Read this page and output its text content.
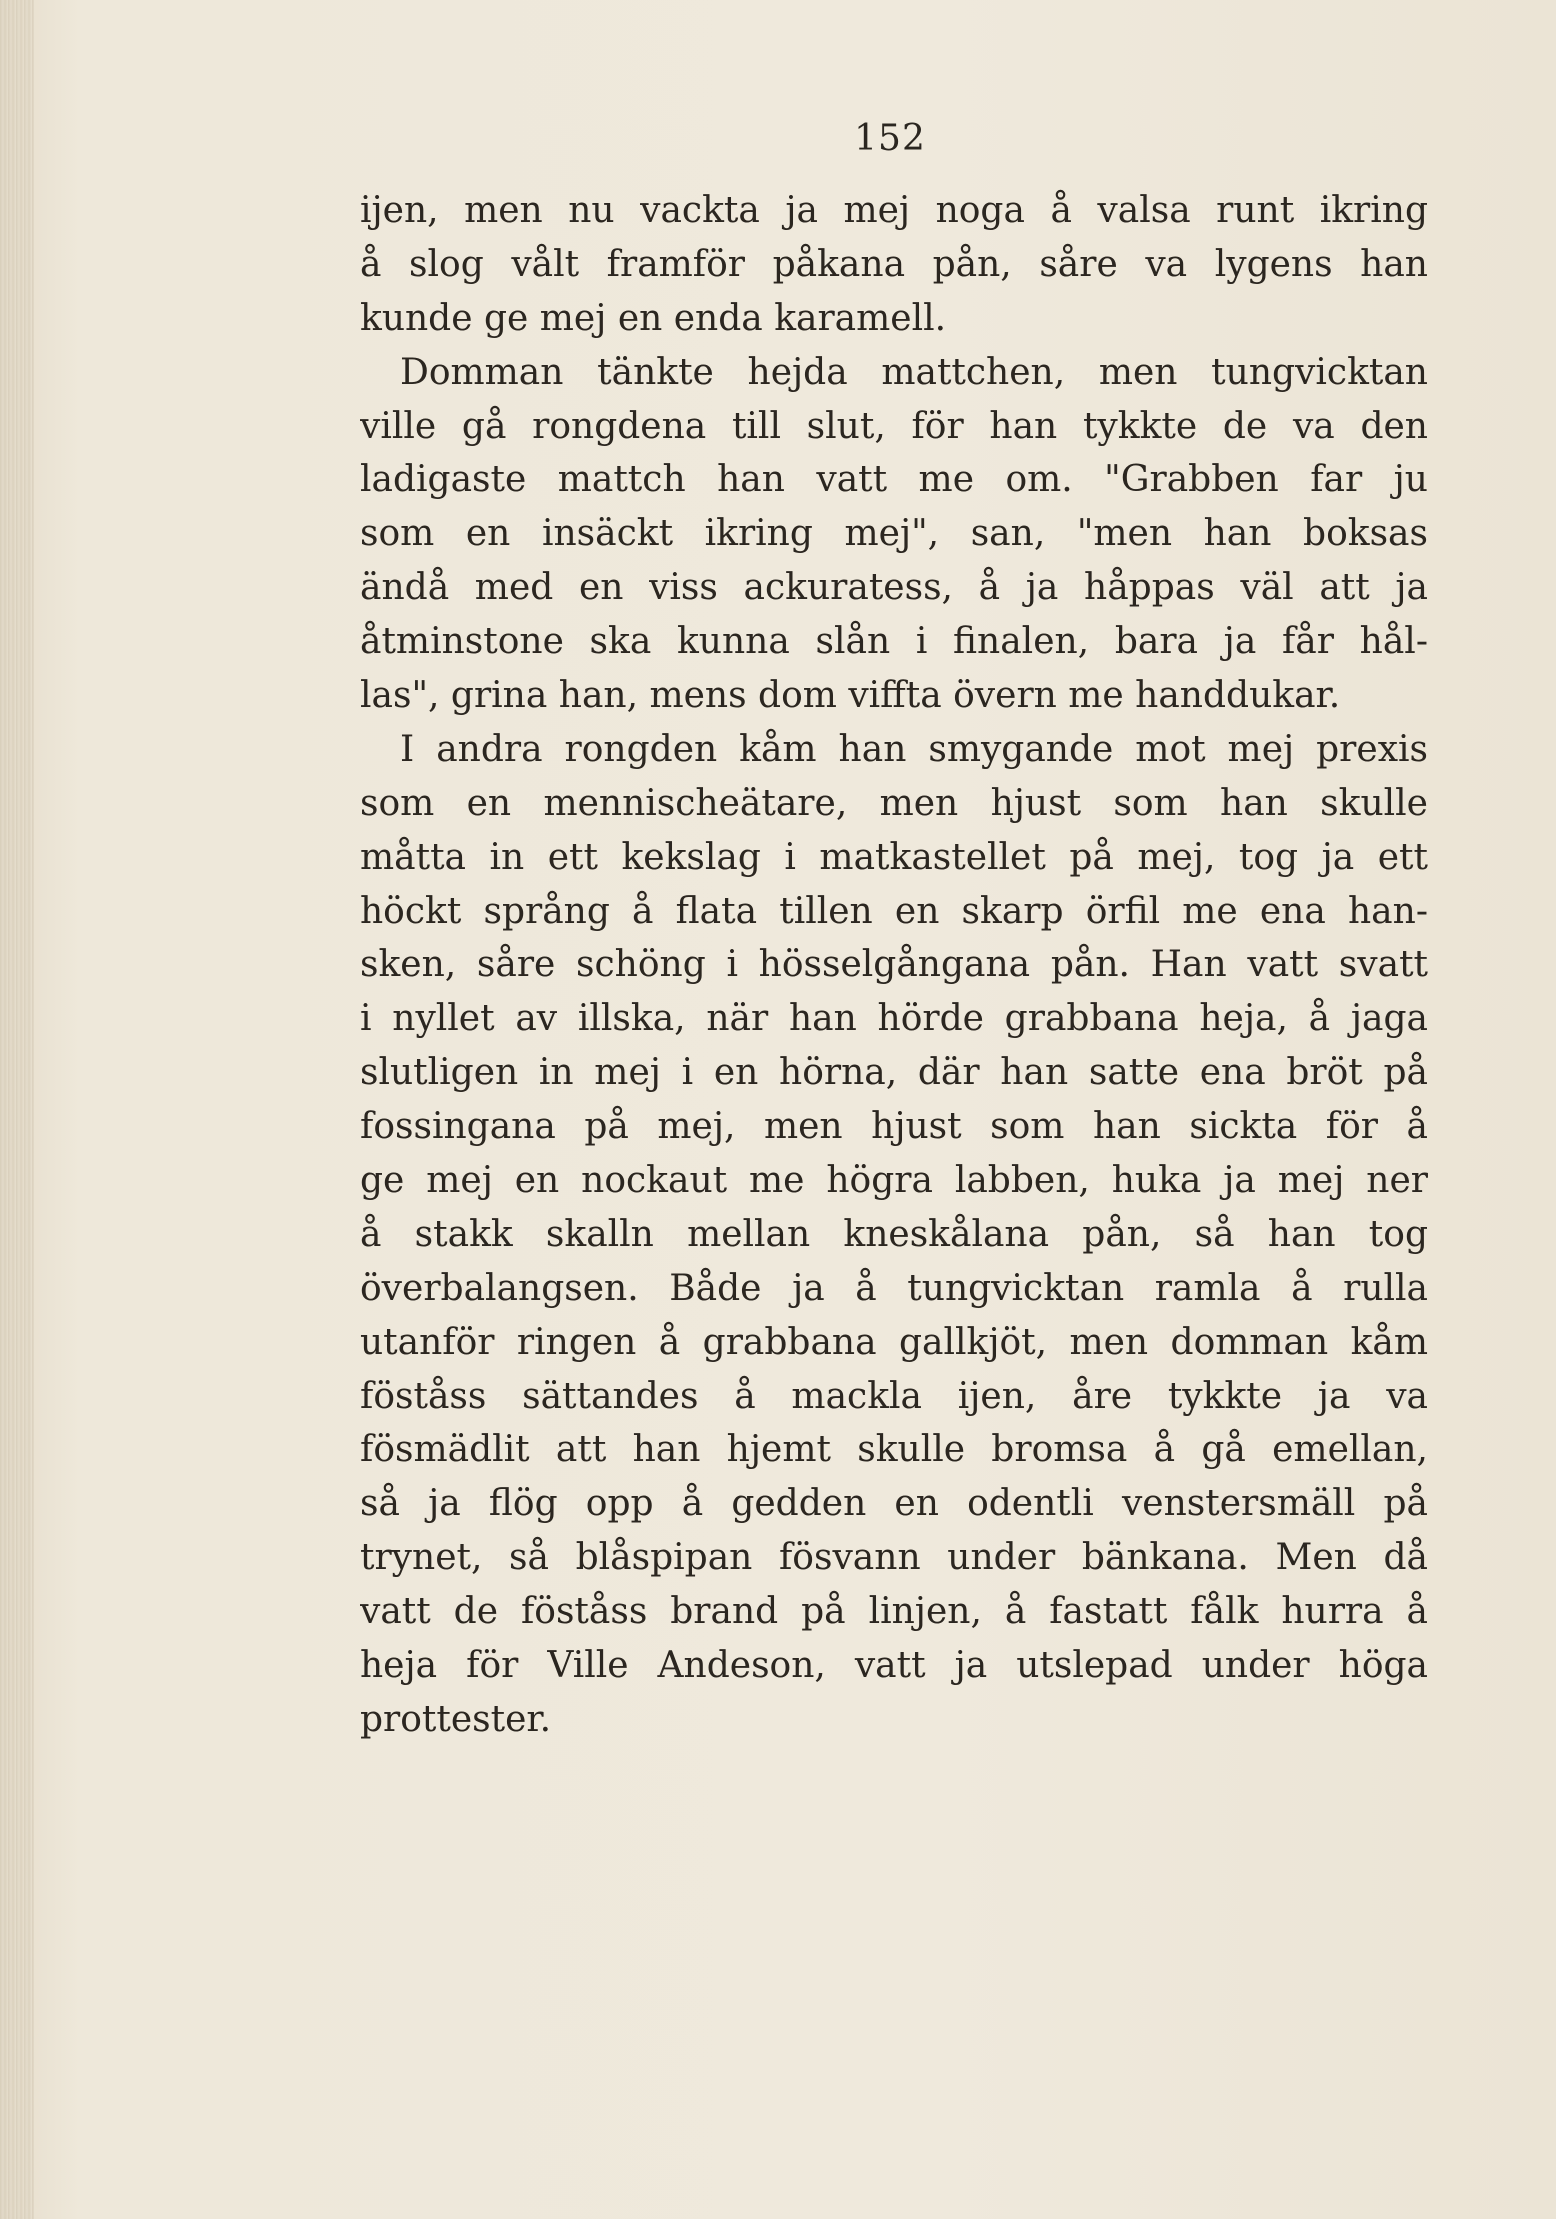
152
ijen, men nu vackta ja mej noga å valsa runt ikring
å slog vålt framför påkana pån, såre va lygens han
kunde ge mej en enda karamell.
Domman tänkte hejda mattchen, men tungvicktan
ville gå rongdena till slut, för han tykkte de va den
ladigaste mattch han vatt me om. "Grabben far ju
som en insäckt ikring mej", san, "men han boksas
ändå med en viss ackuratess, å ja håppas väl att ja
åtminstone ska kunna slån i finalen, bara ja får hål-
las", grina han, mens dom viffta övern me handdukar.
I andra rongden kåm han smygande mot mej prexis
som en mennischeätare, men hjust som han skulle
måtta in ett kekslag i matkastellet på mej, tog ja ett
höckt språng å flata tillen en skarp örfil me ena han-
sken, såre schöng i hösselgångana pån. Han vatt svatt
i nyllet av illska, när han hörde grabbana heja, å jaga
slutligen in mej i en hörna, där han satte ena bröt på
fossingana på mej, men hjust som han sickta för å
ge mej en nockaut me högra labben, huka ja mej ner
å stakk skalln mellan kneskålana pån, så han tog
överbalangsen. Både ja å tungvicktan ramla å rulla
utanför ringen å grabbana gallkjöt, men domman kåm
föståss sättandes å mackla ijen, åre tykkte ja va
fösmädlit att han hjemt skulle bromsa å gå emellan,
så ja flög opp å gedden en odentli venstersmäll på
trynet, så blåspipan fösvann under bänkana. Men då
vatt de föståss brand på linjen, å fastatt fålk hurra å
heja för Ville Andeson, vatt ja utslepad under höga
prottester.
